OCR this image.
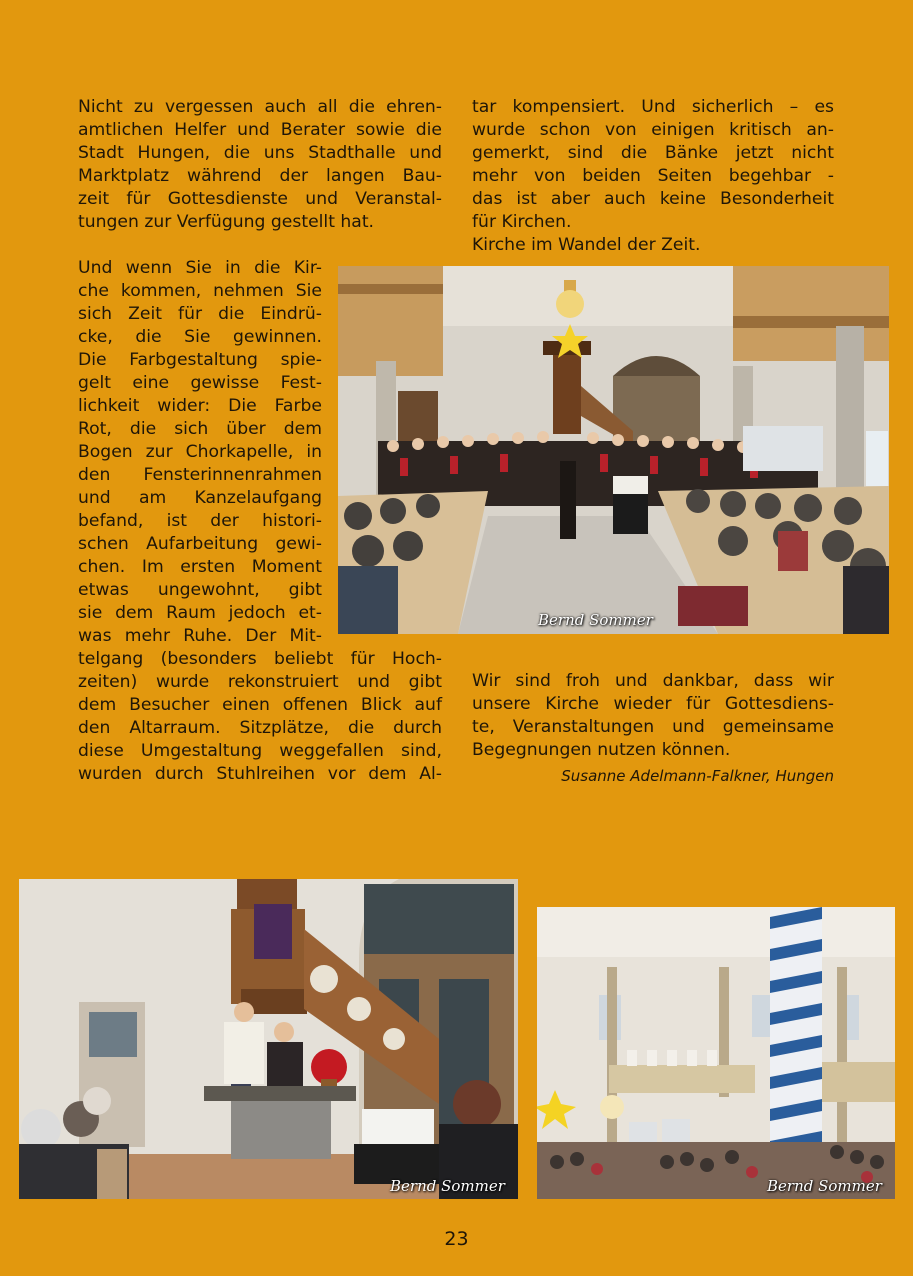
Nicht zu vergessen auch all die ehren-
amtlichen Helfer und Berater sowie die
Stadt Hungen, die uns Stadthalle und
Marktplatz während der langen Bau-
zeit für Gottesdienste und Veranstal-
tungen zur Verfügung gestellt hat.

Und wenn Sie in die Kir-
che kommen, nehmen Sie
sich Zeit für die Eindrü-
cke, die Sie gewinnen.
Die Farbgestaltung spie-
gelt eine gewisse Fest-
lichkeit wider: Die Farbe
Rot, die sich über dem
Bogen zur Chorkapelle, in
den Fensterinnenrahmen
und am Kanzelaufgang
befand, ist der histori-
schen Aufarbeitung gewi-
chen. Im ersten Moment
etwas ungewohnt, gibt
sie dem Raum jedoch et-
was mehr Ruhe. Der Mit-

telgang (besonders beliebt für Hoch-
zeiten) wurde rekonstruiert und gibt
dem Besucher einen offenen Blick auf
den Altarraum. Sitzplätze, die durch
diese Umgestaltung weggefallen sind,
wurden durch Stuhlreihen vor dem Al-

tar kompensiert. Und sicherlich – es
wurde schon von einigen kritisch an-
gemerkt, sind die Bänke jetzt nicht
mehr von beiden Seiten begehbar -
das ist aber auch keine Besonderheit
für Kirchen.
Kirche im Wandel der Zeit.

Wir sind froh und dankbar, dass wir
unsere Kirche wieder für Gottesdiens-
te, Veranstaltungen und gemeinsame
Begegnungen nutzen können.

Susanne Adelmann-Falkner, Hungen
Bernd Sommer
Bernd Sommer	Bernd Sommer
23
